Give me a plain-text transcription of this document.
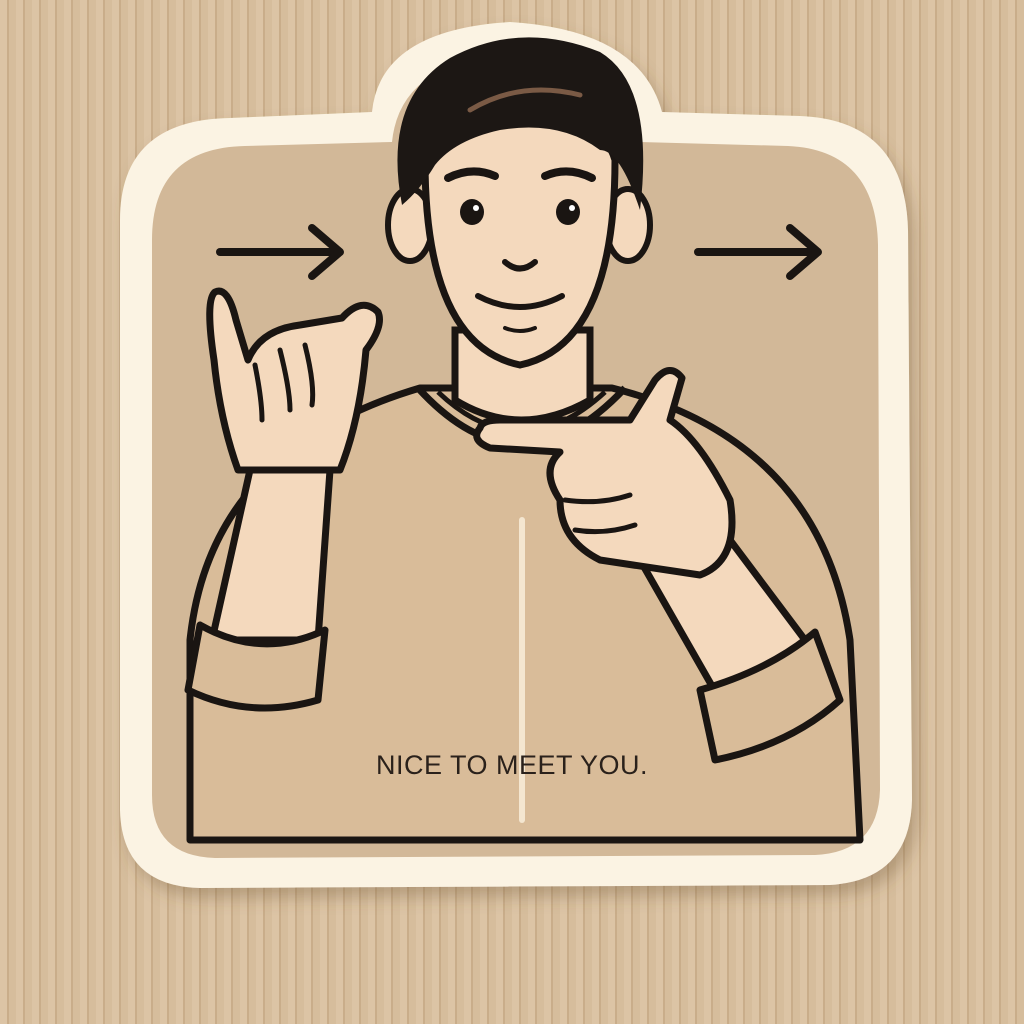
NICE TO MEET YOU.
